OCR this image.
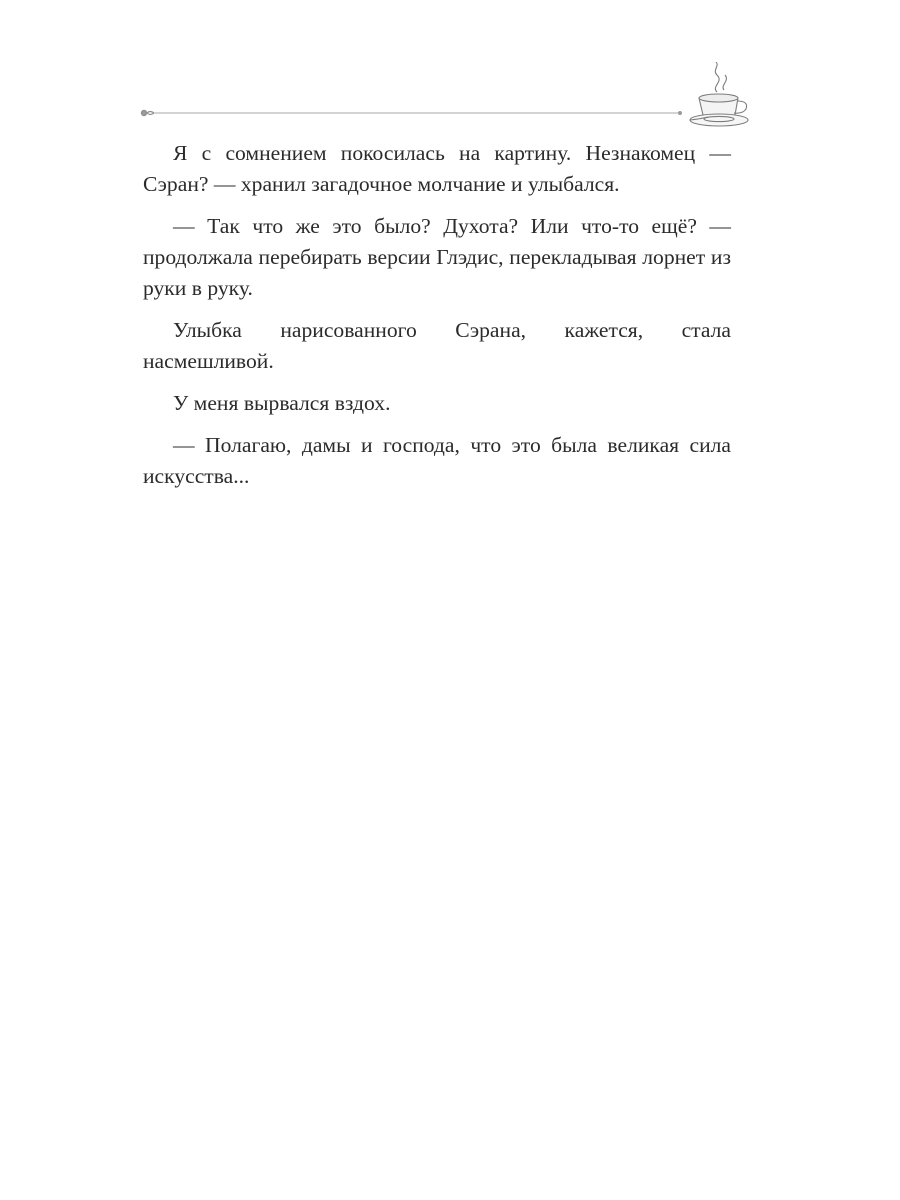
Я с сомнением покосилась на картину. Незнакомец — Сэран? — хранил загадочное молчание и улыбался.

— Так что же это было? Духота? Или что-то ещё? — продолжала перебирать версии Глэдис, перекладывая лорнет из руки в руку.

Улыбка нарисованного Сэрана, кажется, стала насмешливой.

У меня вырвался вздох.

— Полагаю, дамы и господа, что это была великая сила искусства...
